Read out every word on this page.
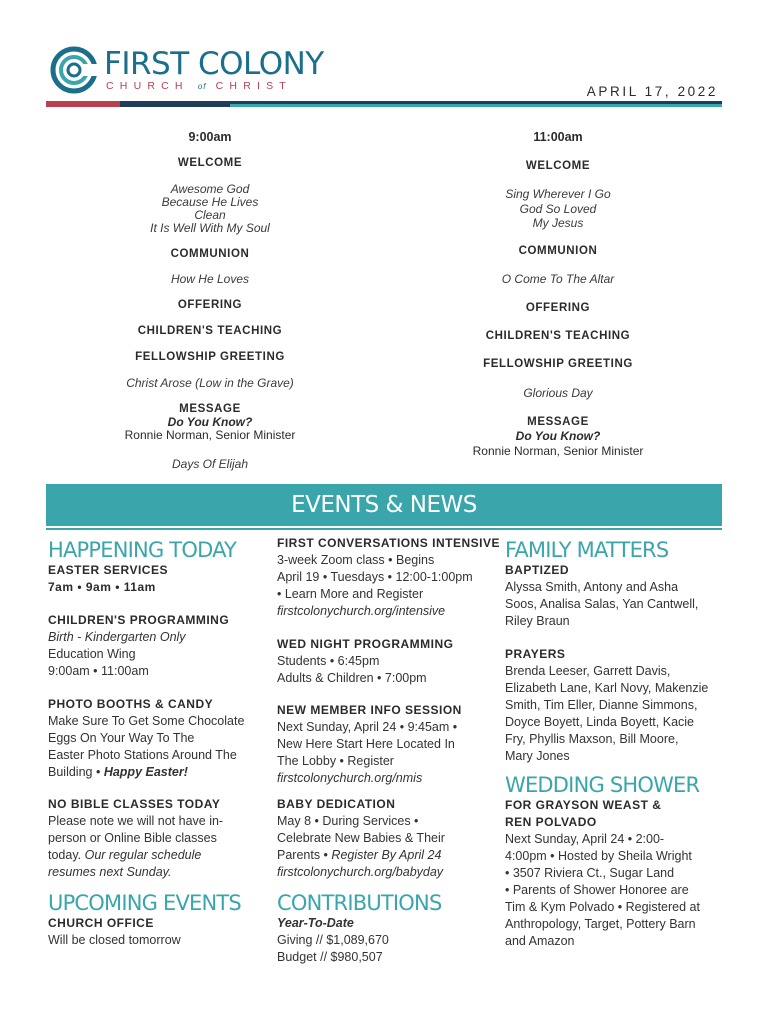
FIRST COLONY
CHURCH of CHRIST	APRIL 17, 2022
9:00am
WELCOME
Awesome God
Because He Lives
Clean
It Is Well With My Soul
COMMUNION
How He Loves
OFFERING
CHILDREN'S TEACHING
FELLOWSHIP GREETING
Christ Arose (Low in the Grave)
MESSAGE
Do You Know?
Ronnie Norman, Senior Minister
Days Of Elijah
11:00am
WELCOME
Sing Wherever I Go
God So Loved
My Jesus
COMMUNION
O Come To The Altar
OFFERING
CHILDREN'S TEACHING
FELLOWSHIP GREETING
Glorious Day
MESSAGE
Do You Know?
Ronnie Norman, Senior Minister
EVENTS & NEWS
HAPPENING TODAY
EASTER SERVICES
7am • 9am • 11am
CHILDREN'S PROGRAMMING
Birth - Kindergarten Only
Education Wing
9:00am • 11:00am
PHOTO BOOTHS & CANDY
Make Sure To Get Some Chocolate
Eggs On Your Way To The
Easter Photo Stations Around The
Building • Happy Easter!
NO BIBLE CLASSES TODAY
Please note we will not have in-
person or Online Bible classes
today. Our regular schedule
resumes next Sunday.
UPCOMING EVENTS
CHURCH OFFICE
Will be closed tomorrow
FIRST CONVERSATIONS INTENSIVE
3-week Zoom class • Begins
April 19 • Tuesdays • 12:00-1:00pm
• Learn More and Register
firstcolonychurch.org/intensive
WED NIGHT PROGRAMMING
Students • 6:45pm
Adults & Children • 7:00pm
NEW MEMBER INFO SESSION
Next Sunday, April 24 • 9:45am •
New Here Start Here Located In
The Lobby • Register
firstcolonychurch.org/nmis
BABY DEDICATION
May 8 • During Services •
Celebrate New Babies & Their
Parents • Register By April 24
firstcolonychurch.org/babyday
CONTRIBUTIONS
Year-To-Date
Giving // $1,089,670
Budget // $980,507
FAMILY MATTERS
BAPTIZED
Alyssa Smith, Antony and Asha
Soos, Analisa Salas, Yan Cantwell,
Riley Braun
PRAYERS
Brenda Leeser, Garrett Davis,
Elizabeth Lane, Karl Novy, Makenzie
Smith, Tim Eller, Dianne Simmons,
Doyce Boyett, Linda Boyett, Kacie
Fry, Phyllis Maxson, Bill Moore,
Mary Jones
WEDDING SHOWER
FOR GRAYSON WEAST &
REN POLVADO
Next Sunday, April 24 • 2:00-
4:00pm • Hosted by Sheila Wright
• 3507 Riviera Ct., Sugar Land
• Parents of Shower Honoree are
Tim & Kym Polvado • Registered at
Anthropology, Target, Pottery Barn
and Amazon
